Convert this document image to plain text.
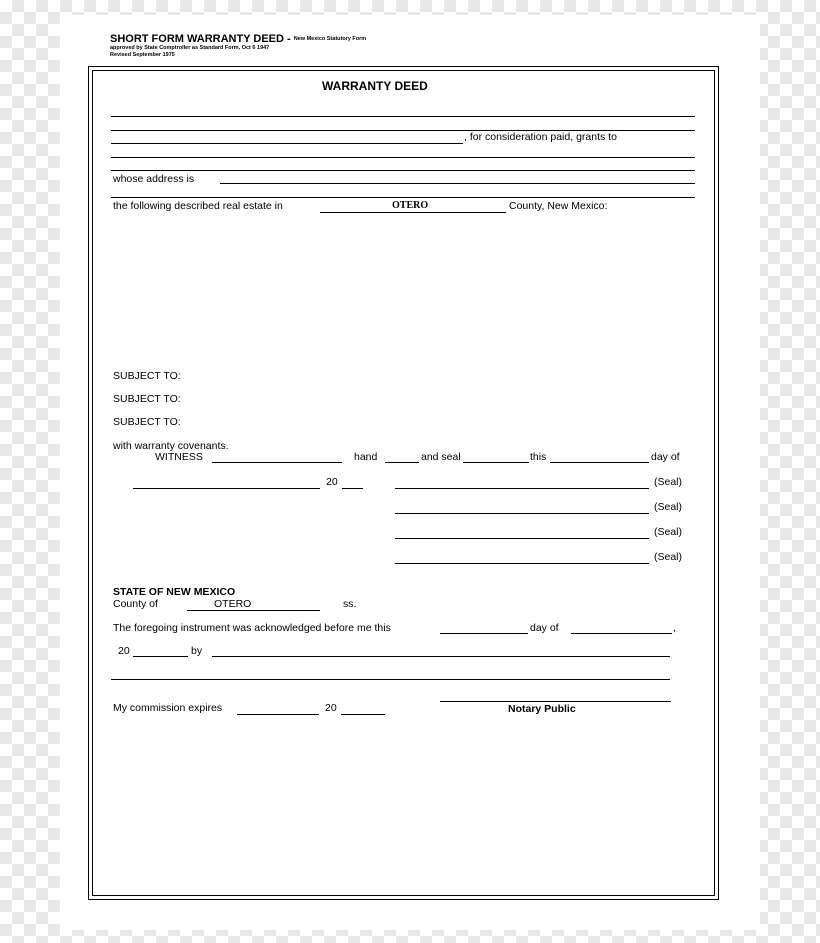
SHORT FORM WARRANTY DEED - New Mexico Statutory Form
approved by State Comptroller as Standard Form, Oct 6 1947
Revised September 1975
WARRANTY DEED
, for consideration paid, grants to
whose address is
the following described real estate in	OTERO	County, New Mexico:
SUBJECT TO:
SUBJECT TO:
SUBJECT TO:
with warranty covenants.
WITNESS	hand	and seal	this	day of
20	(Seal)
(Seal)
(Seal)
(Seal)
STATE OF NEW MEXICO
County of	OTERO	ss.
The foregoing instrument was acknowledged before me this	day of	,
20	by
My commission expires	20	Notary Public
